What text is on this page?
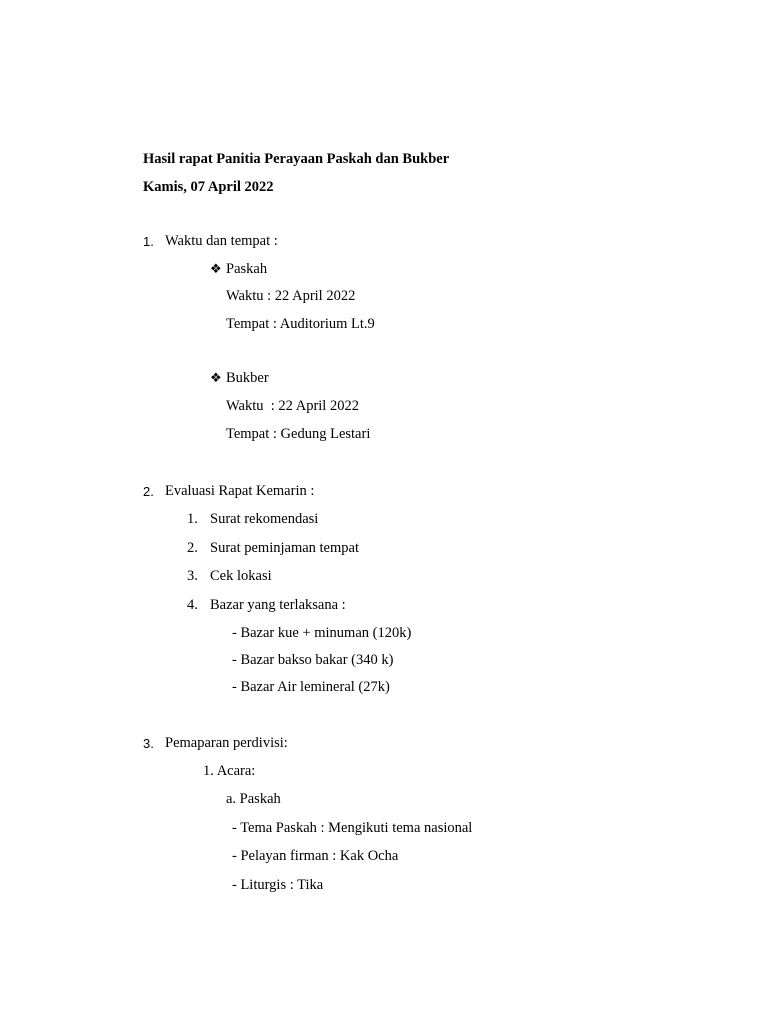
Hasil rapat Panitia Perayaan Paskah dan Bukber
Kamis, 07 April 2022
1. Waktu dan tempat :
❖ Paskah
Waktu : 22 April 2022
Tempat : Auditorium Lt.9
❖ Bukber
Waktu  : 22 April 2022
Tempat : Gedung Lestari
2. Evaluasi Rapat Kemarin :
1. Surat rekomendasi
2. Surat peminjaman tempat
3. Cek lokasi
4. Bazar yang terlaksana :
- Bazar kue + minuman (120k)
- Bazar bakso bakar (340 k)
- Bazar Air lemineral (27k)
3. Pemaparan perdivisi:
1. Acara:
a. Paskah
- Tema Paskah : Mengikuti tema nasional
- Pelayan firman : Kak Ocha
- Liturgis : Tika
